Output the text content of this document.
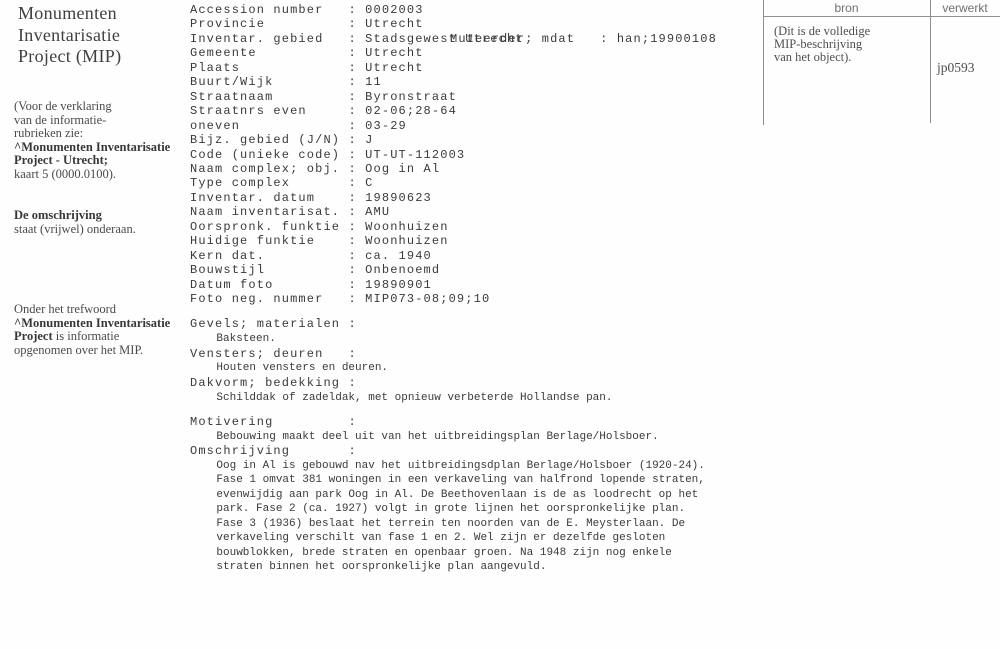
Monumenten
Inventarisatie
Project (MIP)
(Voor de verklaring
van de informatie-
rubrieken zie:
^Monumenten Inventarisatie
Project - Utrecht;
kaart 5 (0000.0100).
De omschrijving
staat (vrijwel) onderaan.
Onder het trefwoord
^Monumenten Inventarisatie
Project is informatie
opgenomen over het MIP.

Muteerder; mdat   : han;19900108

Accession number   : 0002003
Provincie          : Utrecht
Inventar. gebied   : Stadsgewest Utrecht
Gemeente           : Utrecht
Plaats             : Utrecht
Buurt/Wijk         : 11
Straatnaam         : Byronstraat
Straatnrs even     : 02-06;28-64
oneven             : 03-29
Bijz. gebied (J/N) : J
Code (unieke code) : UT-UT-112003
Naam complex; obj. : Oog in Al
Type complex       : C
Inventar. datum    : 19890623
Naam inventarisat. : AMU
Oorspronk. funktie : Woonhuizen
Huidige funktie    : Woonhuizen
Kern dat.          : ca. 1940
Bouwstijl          : Onbenoemd
Datum foto         : 19890901
Foto neg. nummer   : MIP073-08;09;10
Gevels; materialen :
Baksteen.
Vensters; deuren   :
Houten vensters en deuren.
Dakvorm; bedekking :
Schilddak of zadeldak, met opnieuw verbeterde Hollandse pan.
Motivering         :
Bebouwing maakt deel uit van het uitbreidingsplan Berlage/Holsboer.
Omschrijving       :
Oog in Al is gebouwd nav het uitbreidingsdplan Berlage/Holsboer (1920-24).
Fase 1 omvat 381 woningen in een verkaveling van halfrond lopende straten,
evenwijdig aan park Oog in Al. De Beethovenlaan is de as loodrecht op het
park. Fase 2 (ca. 1927) volgt in grote lijnen het oorspronkelijke plan.
Fase 3 (1936) beslaat het terrein ten noorden van de E. Meysterlaan. De
verkaveling verschilt van fase 1 en 2. Wel zijn er dezelfde gesloten
bouwblokken, brede straten en openbaar groen. Na 1948 zijn nog enkele
straten binnen het oorspronkelijke plan aangevuld.
bron	verwerkt
(Dit is de volledige
MIP-beschrijving
van het object).
jp0593
